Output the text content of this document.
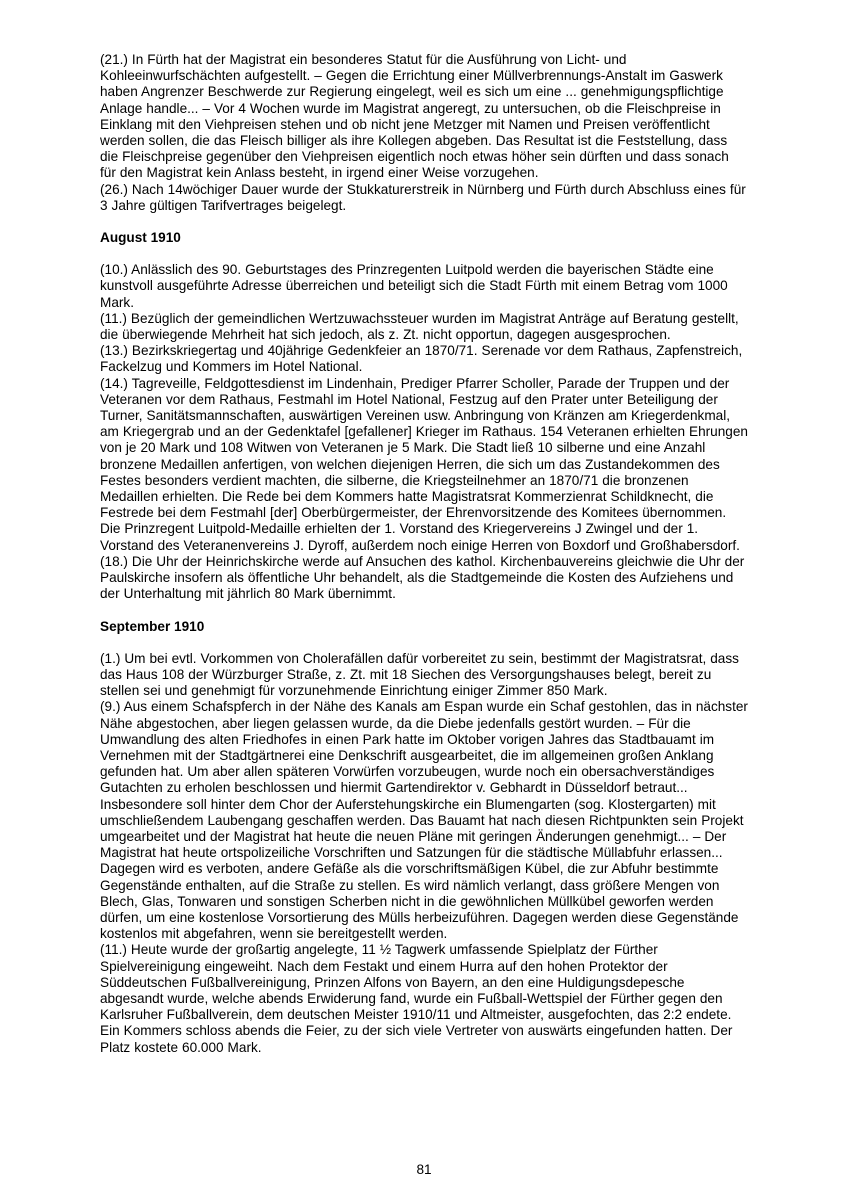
(21.) In Fürth hat der Magistrat ein besonderes Statut für die Ausführung von Licht- und Kohleeinwurfschächten aufgestellt. – Gegen die Errichtung einer Müllverbrennungs-Anstalt im Gaswerk haben Angrenzer Beschwerde zur Regierung eingelegt, weil es sich um eine ... genehmigungspflichtige Anlage handle... – Vor 4 Wochen wurde im Magistrat angeregt, zu untersuchen, ob die Fleischpreise in Einklang mit den Viehpreisen stehen und ob nicht jene Metzger mit Namen und Preisen veröffentlicht werden sollen, die das Fleisch billiger als ihre Kollegen abgeben. Das Resultat ist die Feststellung, dass die Fleischpreise gegenüber den Viehpreisen eigentlich noch etwas höher sein dürften und dass sonach für den Magistrat kein Anlass besteht, in irgend einer Weise vorzugehen.

(26.) Nach 14wöchiger Dauer wurde der Stukkaturerstreik in Nürnberg und Fürth durch Abschluss eines für 3 Jahre gültigen Tarifvertrages beigelegt.

August 1910

(10.) Anlässlich des 90. Geburtstages des Prinzregenten Luitpold werden die bayerischen Städte eine kunstvoll ausgeführte Adresse überreichen und beteiligt sich die Stadt Fürth mit einem Betrag vom 1000 Mark.

(11.) Bezüglich der gemeindlichen Wertzuwachssteuer wurden im Magistrat Anträge auf Beratung gestellt, die überwiegende Mehrheit hat sich jedoch, als z. Zt. nicht opportun, dagegen ausgesprochen.

(13.) Bezirkskriegertag und 40jährige Gedenkfeier an 1870/71. Serenade vor dem Rathaus, Zapfenstreich, Fackelzug und Kommers im Hotel National.

(14.) Tagreveille, Feldgottesdienst im Lindenhain, Prediger Pfarrer Scholler, Parade der Truppen und der Veteranen vor dem Rathaus, Festmahl im Hotel National, Festzug auf den Prater unter Beteiligung der Turner, Sanitätsmannschaften, auswärtigen Vereinen usw. Anbringung von Kränzen am Kriegerdenkmal, am Kriegergrab und an der Gedenktafel [gefallener] Krieger im Rathaus. 154 Veteranen erhielten Ehrungen von je 20 Mark und 108 Witwen von Veteranen je 5 Mark. Die Stadt ließ 10 silberne und eine Anzahl bronzene Medaillen anfertigen, von welchen diejenigen Herren, die sich um das Zustandekommen des Festes besonders verdient machten, die silberne, die Kriegsteilnehmer an 1870/71 die bronzenen Medaillen erhielten. Die Rede bei dem Kommers hatte Magistratsrat Kommerzienrat Schildknecht, die Festrede bei dem Festmahl [der] Oberbürgermeister, der Ehrenvorsitzende des Komitees übernommen. Die Prinzregent Luitpold-Medaille erhielten der 1. Vorstand des Kriegervereins J Zwingel und der 1. Vorstand des Veteranenvereins J. Dyroff, außerdem noch einige Herren von Boxdorf und Großhabersdorf.

(18.) Die Uhr der Heinrichskirche werde auf Ansuchen des kathol. Kirchenbauvereins gleichwie die Uhr der Paulskirche insofern als öffentliche Uhr behandelt, als die Stadtgemeinde die Kosten des Aufziehens und der Unterhaltung mit jährlich 80 Mark übernimmt.

September 1910

(1.) Um bei evtl. Vorkommen von Cholerafällen dafür vorbereitet zu sein, bestimmt der Magistratsrat, dass das Haus 108 der Würzburger Straße, z. Zt. mit 18 Siechen des Versorgungshauses belegt, bereit zu stellen sei und genehmigt für vorzunehmende Einrichtung einiger Zimmer 850 Mark.

(9.) Aus einem Schafspferch in der Nähe des Kanals am Espan wurde ein Schaf gestohlen, das in nächster Nähe abgestochen, aber liegen gelassen wurde, da die Diebe jedenfalls gestört wurden. – Für die Umwandlung des alten Friedhofes in einen Park hatte im Oktober vorigen Jahres das Stadtbauamt im Vernehmen mit der Stadtgärtnerei eine Denkschrift ausgearbeitet, die im allgemeinen großen Anklang gefunden hat. Um aber allen späteren Vorwürfen vorzubeugen, wurde noch ein obersachverständiges Gutachten zu erholen beschlossen und hiermit Gartendirektor v. Gebhardt in Düsseldorf betraut... Insbesondere soll hinter dem Chor der Auferstehungskirche ein Blumengarten (sog. Klostergarten) mit umschließendem Laubengang geschaffen werden. Das Bauamt hat nach diesen Richtpunkten sein Projekt umgearbeitet und der Magistrat hat heute die neuen Pläne mit geringen Änderungen genehmigt... – Der Magistrat hat heute ortspolizeiliche Vorschriften und Satzungen für die städtische Müllabfuhr erlassen... Dagegen wird es verboten, andere Gefäße als die vorschriftsmäßigen Kübel, die zur Abfuhr bestimmte Gegenstände enthalten, auf die Straße zu stellen. Es wird nämlich verlangt, dass größere Mengen von Blech, Glas, Tonwaren und sonstigen Scherben nicht in die gewöhnlichen Müllkübel geworfen werden dürfen, um eine kostenlose Vorsortierung des Mülls herbeizuführen. Dagegen werden diese Gegenstände kostenlos mit abgefahren, wenn sie bereitgestellt werden.

(11.) Heute wurde der großartig angelegte, 11 ½ Tagwerk umfassende Spielplatz der Fürther Spielvereinigung eingeweiht. Nach dem Festakt und einem Hurra auf den hohen Protektor der Süddeutschen Fußballvereinigung, Prinzen Alfons von Bayern, an den eine Huldigungsdepesche abgesandt wurde, welche abends Erwiderung fand, wurde ein Fußball-Wettspiel der Fürther gegen den Karlsruher Fußballverein, dem deutschen Meister 1910/11 und Altmeister, ausgefochten, das 2:2 endete. Ein Kommers schloss abends die Feier, zu der sich viele Vertreter von auswärts eingefunden hatten. Der Platz kostete 60.000 Mark.

81
